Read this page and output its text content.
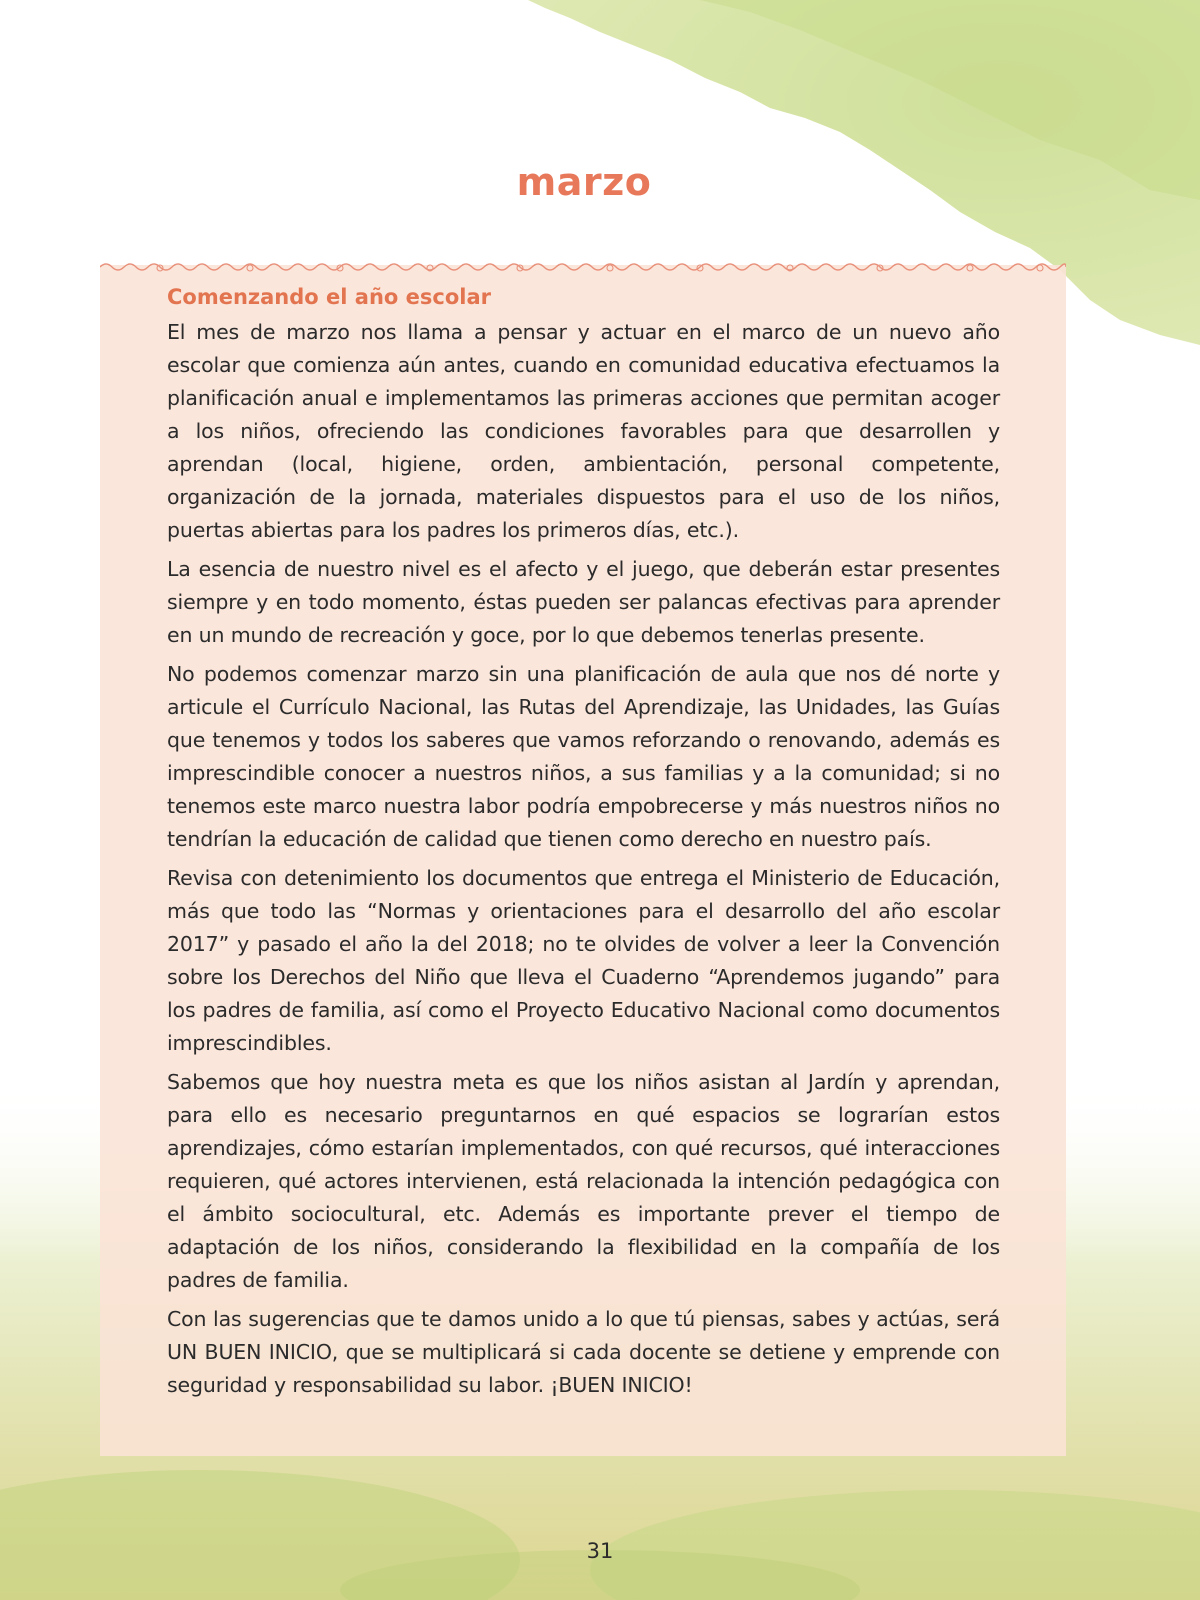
marzo
Comenzando el año escolar

El mes de marzo nos llama a pensar y actuar en el marco de un nuevo año escolar que comienza aún antes, cuando en comunidad educativa efectuamos la planificación anual e implementamos las primeras acciones que permitan acoger a los niños, ofreciendo las condiciones favorables para que desarrollen y aprendan (local, higiene, orden, ambientación, personal competente, organización de la jornada, materiales dispuestos para el uso de los niños, puertas abiertas para los padres los primeros días, etc.).

La esencia de nuestro nivel es el afecto y el juego, que deberán estar presentes siempre y en todo momento, éstas pueden ser palancas efectivas para aprender en un mundo de recreación y goce, por lo que debemos tenerlas presente.

No podemos comenzar marzo sin una planificación de aula que nos dé norte y articule el Currículo Nacional, las Rutas del Aprendizaje, las Unidades, las Guías que tenemos y todos los saberes que vamos reforzando o renovando, además es imprescindible conocer a nuestros niños, a sus familias y a la comunidad; si no tenemos este marco nuestra labor podría empobrecerse y más nuestros niños no tendrían la educación de calidad que tienen como derecho en nuestro país.

Revisa con detenimiento los documentos que entrega el Ministerio de Educación, más que todo las “Normas y orientaciones para el desarrollo del año escolar 2017” y pasado el año la del 2018; no te olvides de volver a leer la Convención sobre los Derechos del Niño que lleva el Cuaderno “Aprendemos jugando” para los padres de familia, así como el Proyecto Educativo Nacional como documentos imprescindibles.

Sabemos que hoy nuestra meta es que los niños asistan al Jardín y aprendan, para ello es necesario preguntarnos en qué espacios se lograrían estos aprendizajes, cómo estarían implementados, con qué recursos, qué interacciones requieren, qué actores intervienen, está relacionada la intención pedagógica con el ámbito sociocultural, etc. Además es importante prever el tiempo de adaptación de los niños, considerando la flexibilidad en la compañía de los padres de familia.

Con las sugerencias que te damos unido a lo que tú piensas, sabes y actúas, será UN BUEN INICIO, que se multiplicará si cada docente se detiene y emprende con seguridad y responsabilidad su labor. ¡BUEN INICIO!

31
